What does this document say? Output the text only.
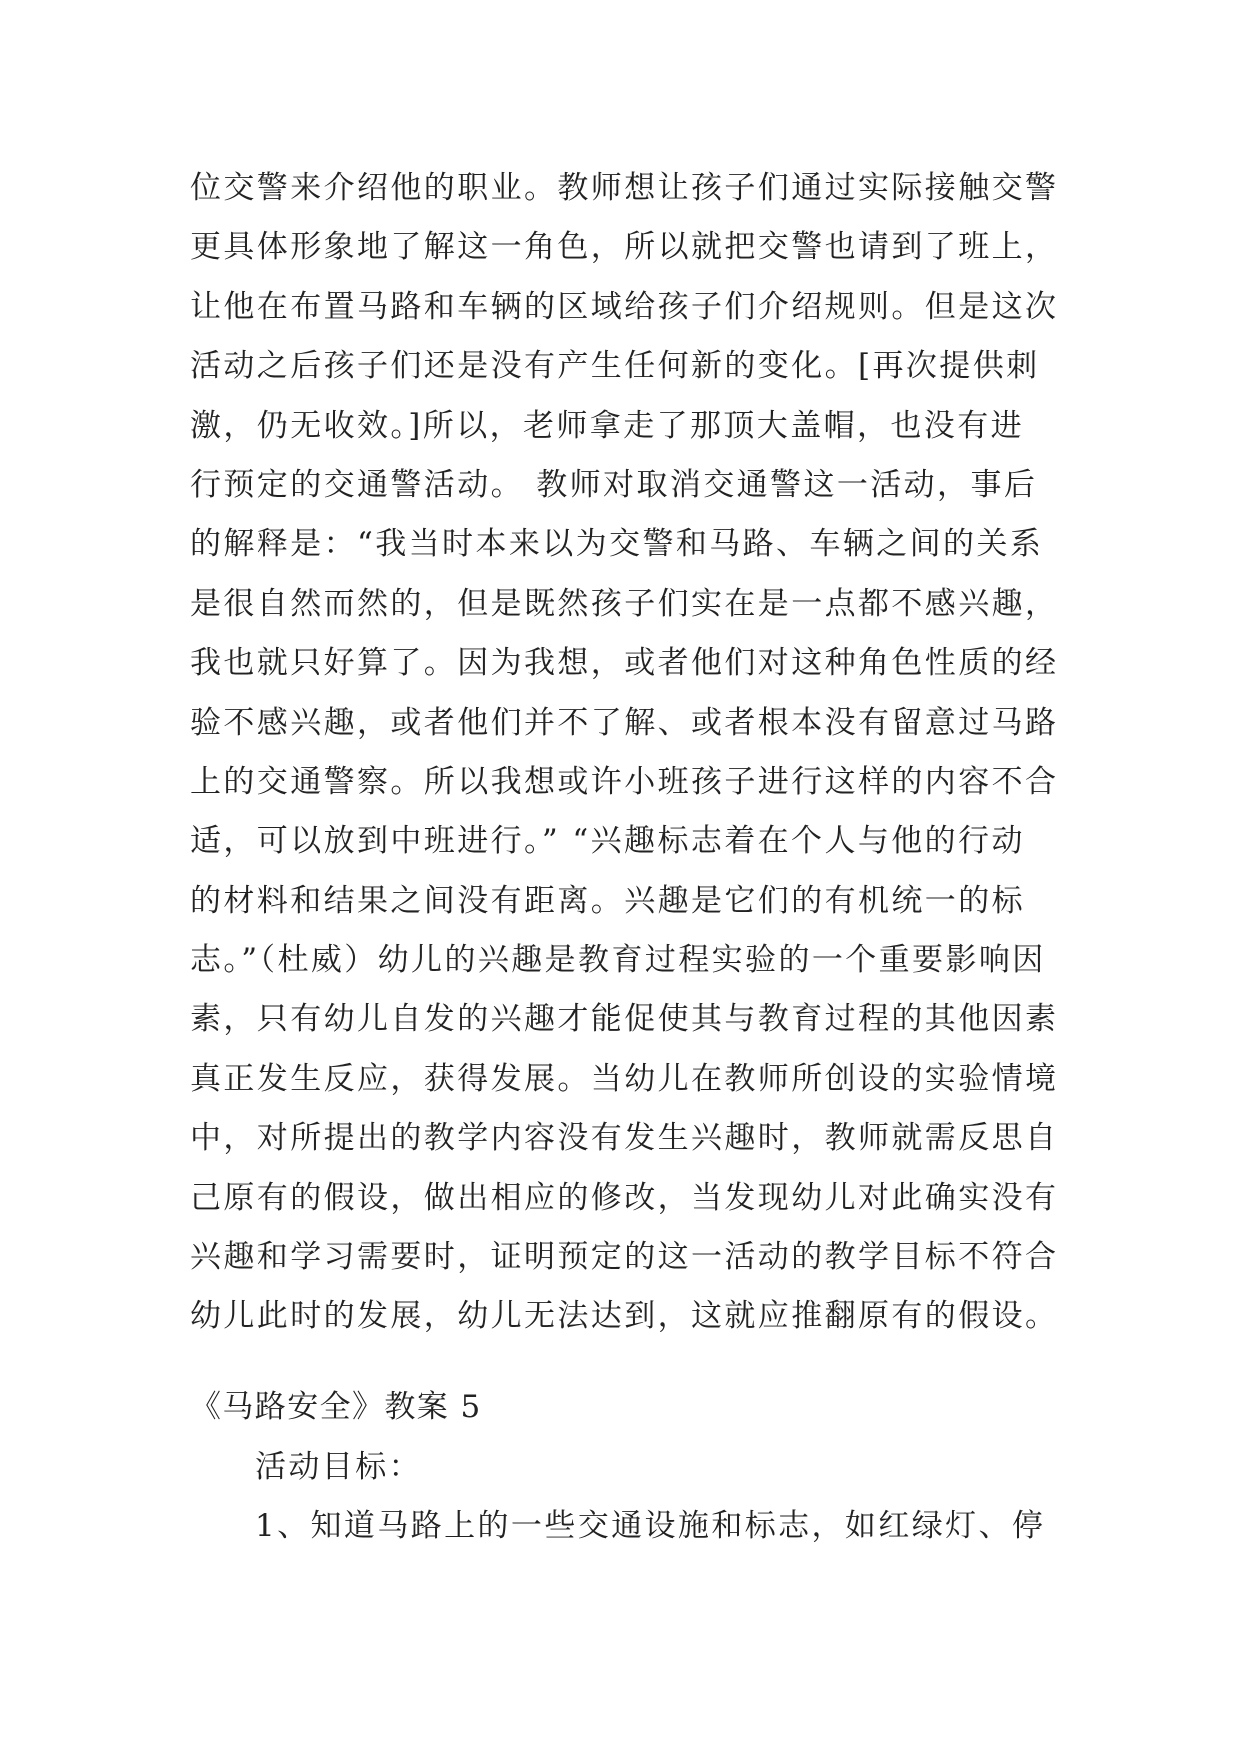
位交警来介绍他的职业。教师想让孩子们通过实际接触交警
更具体形象地了解这一角色，所以就把交警也请到了班上，
让他在布置马路和车辆的区域给孩子们介绍规则。但是这次
活动之后孩子们还是没有产生任何新的变化。[再次提供刺
激，仍无收效。]所以，老师拿走了那顶大盖帽，也没有进
行预定的交通警活动。 教师对取消交通警这一活动，事后
的解释是：“我当时本来以为交警和马路、车辆之间的关系
是很自然而然的，但是既然孩子们实在是一点都不感兴趣，
我也就只好算了。因为我想，或者他们对这种角色性质的经
验不感兴趣，或者他们并不了解、或者根本没有留意过马路
上的交通警察。所以我想或许小班孩子进行这样的内容不合
适，可以放到中班进行。” “兴趣标志着在个人与他的行动
的材料和结果之间没有距离。兴趣是它们的有机统一的标
志。”（杜威）幼儿的兴趣是教育过程实验的一个重要影响因
素，只有幼儿自发的兴趣才能促使其与教育过程的其他因素
真正发生反应，获得发展。当幼儿在教师所创设的实验情境
中，对所提出的教学内容没有发生兴趣时，教师就需反思自
己原有的假设，做出相应的修改，当发现幼儿对此确实没有
兴趣和学习需要时，证明预定的这一活动的教学目标不符合
幼儿此时的发展，幼儿无法达到，这就应推翻原有的假设。
《马路安全》教案 5
活动目标：
1、知道马路上的一些交通设施和标志，如红绿灯、停
